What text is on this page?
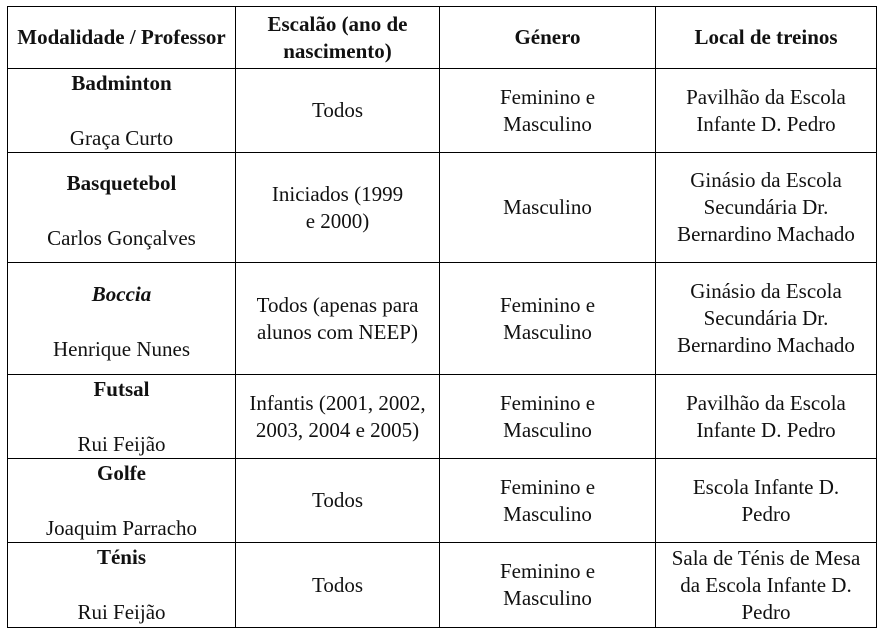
Modalidade / Professor	Escalão (ano de nascimento)	Género	Local de treinos

Badminton
Graça Curto	Todos	Feminino e Masculino	Pavilhão da Escola Infante D. Pedro

Basquetebol
Carlos Gonçalves	Iniciados (1999 e 2000)	Masculino	Ginásio da Escola Secundária Dr. Bernardino Machado

Boccia
Henrique Nunes	Todos (apenas para alunos com NEEP)	Feminino e Masculino	Ginásio da Escola Secundária Dr. Bernardino Machado

Futsal
Rui Feijão	Infantis (2001, 2002, 2003, 2004 e 2005)	Feminino e Masculino	Pavilhão da Escola Infante D. Pedro

Golfe
Joaquim Parracho	Todos	Feminino e Masculino	Escola Infante D. Pedro

Ténis
Rui Feijão	Todos	Feminino e Masculino	Sala de Ténis de Mesa da Escola Infante D. Pedro
